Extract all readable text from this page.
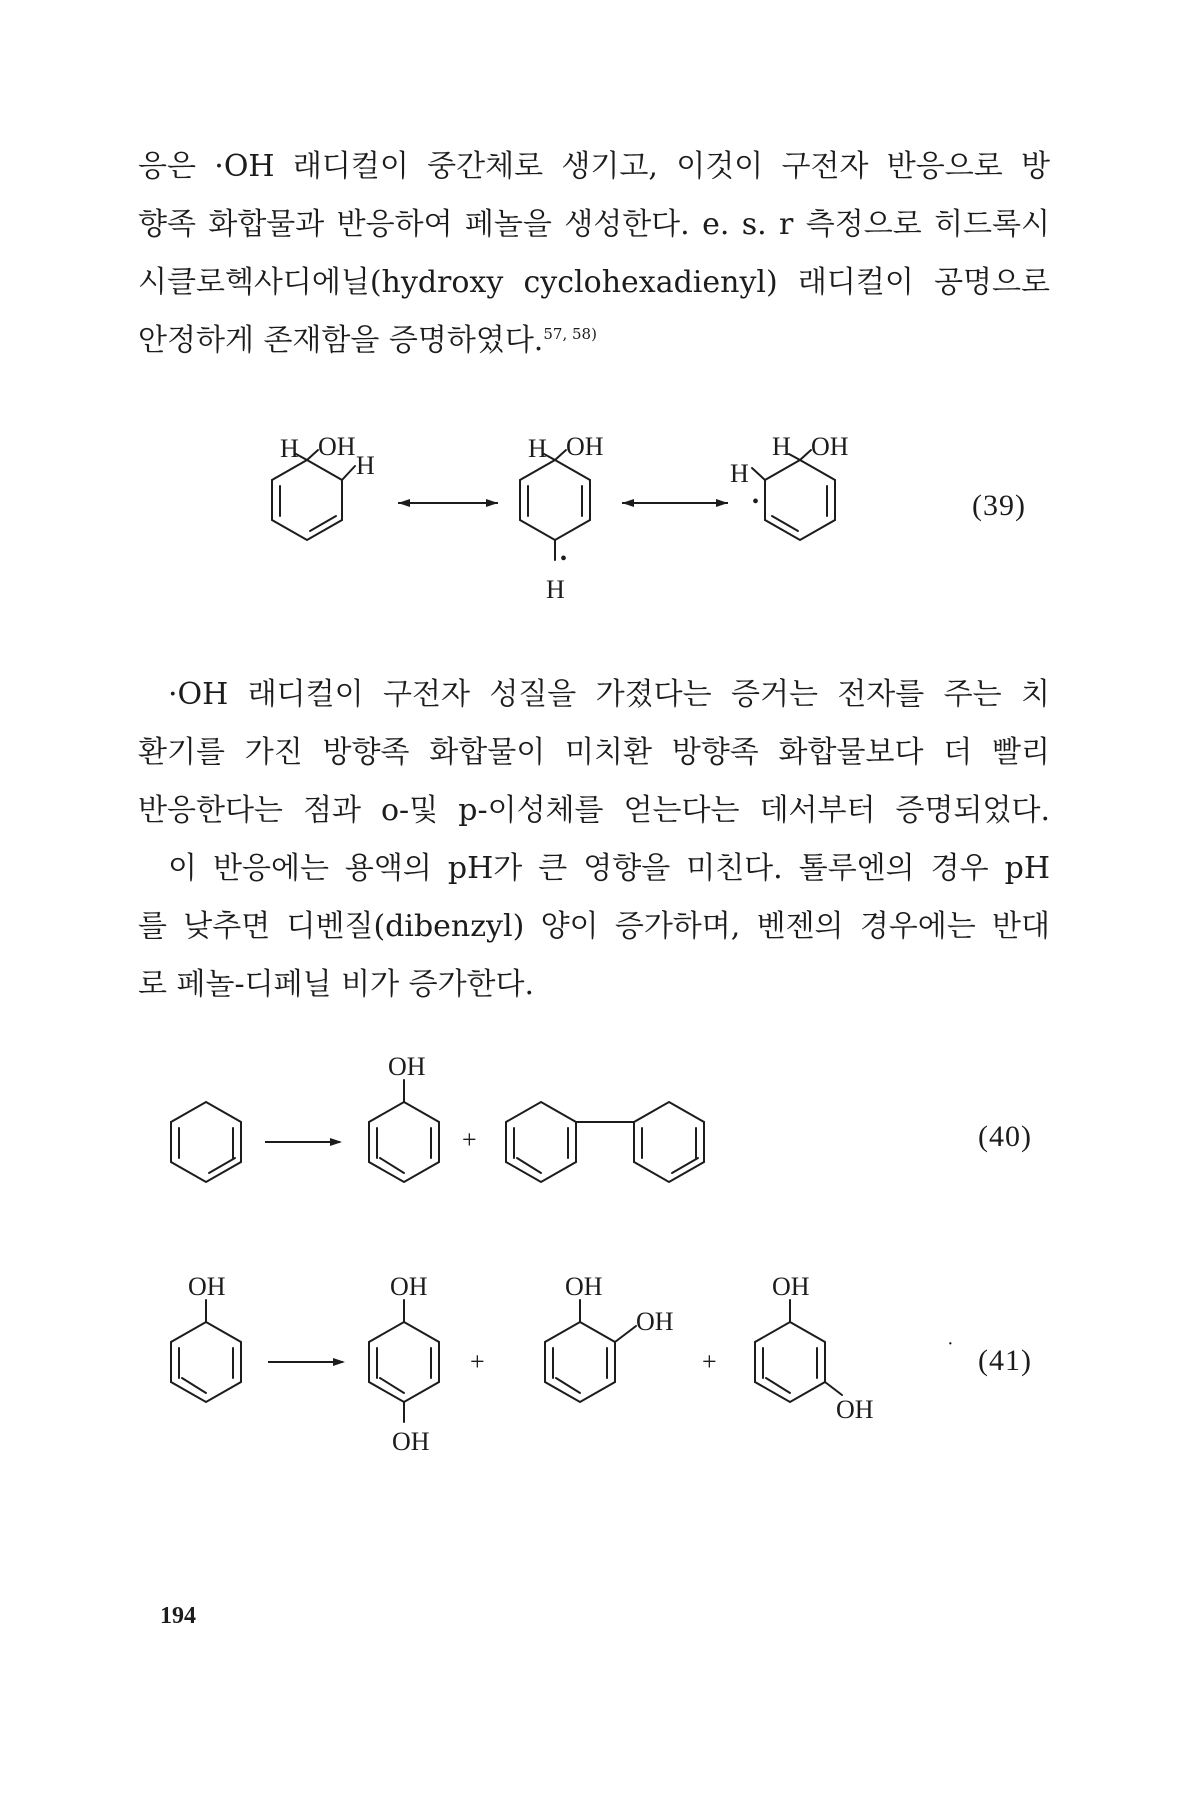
응은 ·OH 래디컬이 중간체로 생기고, 이것이 구전자 반응으로 방
향족 화합물과 반응하여 페놀을 생성한다. e. s. r 측정으로 히드록시
시클로헥사디에닐(hydroxy cyclohexadienyl) 래디컬이 공명으로
안정하게 존재함을 증명하였다.$^{57, 58)}$
H OH
H
H OH
•
H
H OH
H
•	(39)
·OH 래디컬이 구전자 성질을 가졌다는 증거는 전자를 주는 치
환기를 가진 방향족 화합물이 미치환 방향족 화합물보다 더 빨리
반응한다는 점과 o-및 p-이성체를 얻는다는 데서부터 증명되었다.
이 반응에는 용액의 pH가 큰 영향을 미친다. 톨루엔의 경우 pH
를 낮추면 디벤질(dibenzyl) 양이 증가하며, 벤젠의 경우에는 반대
로 페놀-디페닐 비가 증가한다.
OH
+	(40)
OH	OH
OH
+
OH
OH
+
OH
OH
· (41)
194
